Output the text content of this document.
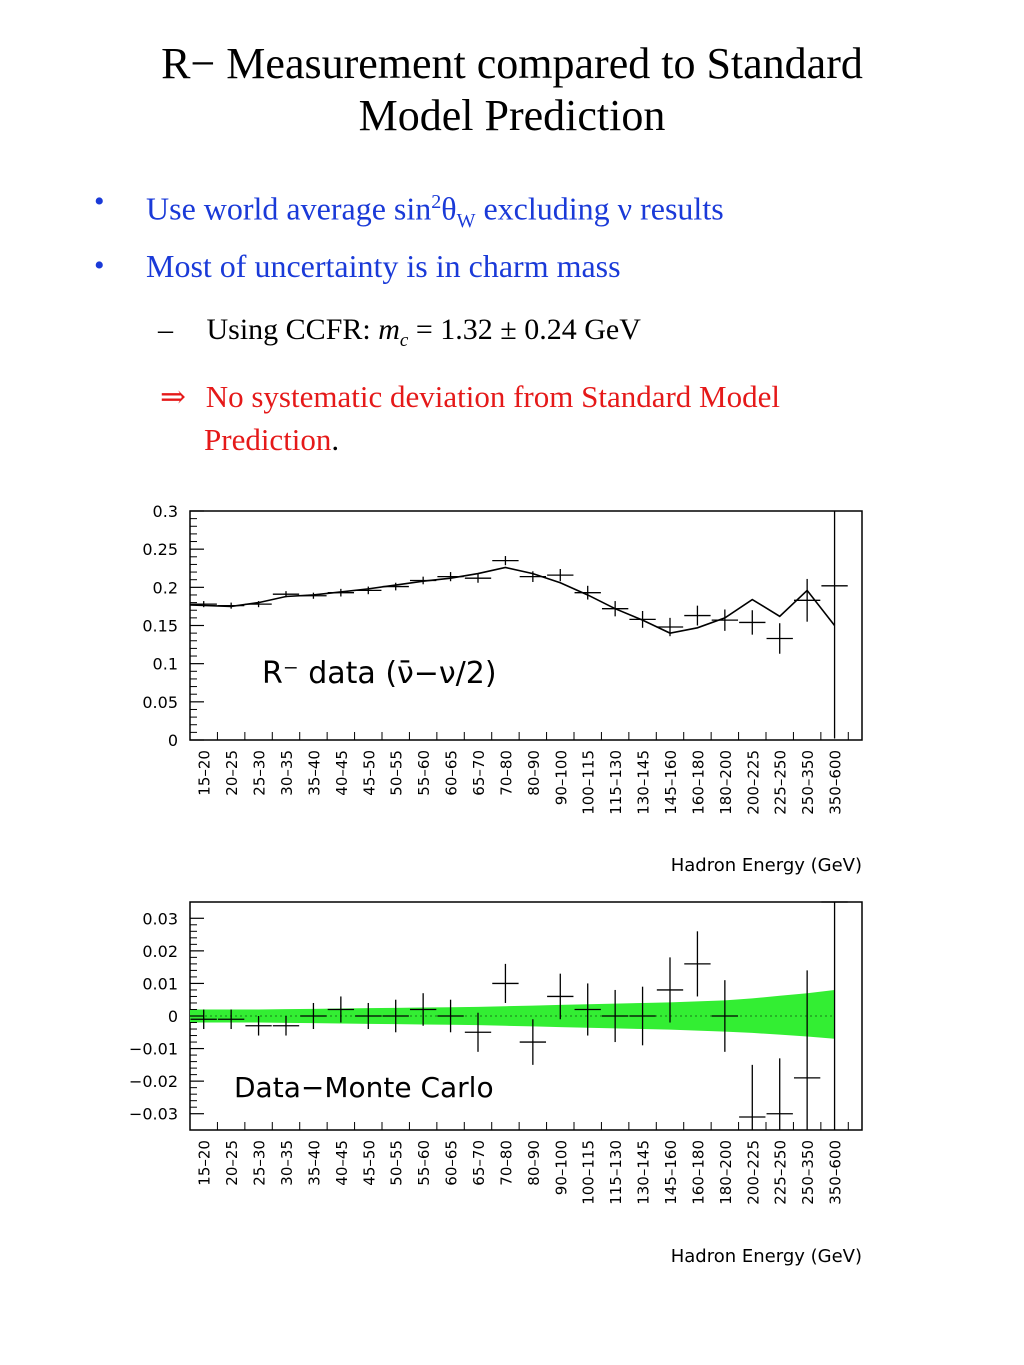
R− Measurement compared to Standard
Model Prediction
• Use world average $\sin^2\theta_W$ excluding ν results
• Most of uncertainty is in charm mass
– Using CCFR: $m_c = 1.32 \pm 0.24$ GeV
⇒ No systematic deviation from Standard Model
Prediction.
0
0.05
0.1
0.15
0.2
0.25
0.3
15–20 20–25 25–30 30–35 35–40 40–45 45–50 50–55 55–60 60–65 65–70 70–80 80–90 90–100 100–115 115–130 130–145 145–160 160–180 180–200 200–225 225–250 250–350 350–600
Hadron Energy (GeV)
R⁻ data (ν̄−ν/2)
−0.03
−0.02
−0.01
0
0.01
0.02
0.03
15–20 20–25 25–30 30–35 35–40 40–45 45–50 50–55 55–60 60–65 65–70 70–80 80–90 90–100 100–115 115–130 130–145 145–160 160–180 180–200 200–225 225–250 250–350 350–600
Hadron Energy (GeV)
Data−Monte Carlo
